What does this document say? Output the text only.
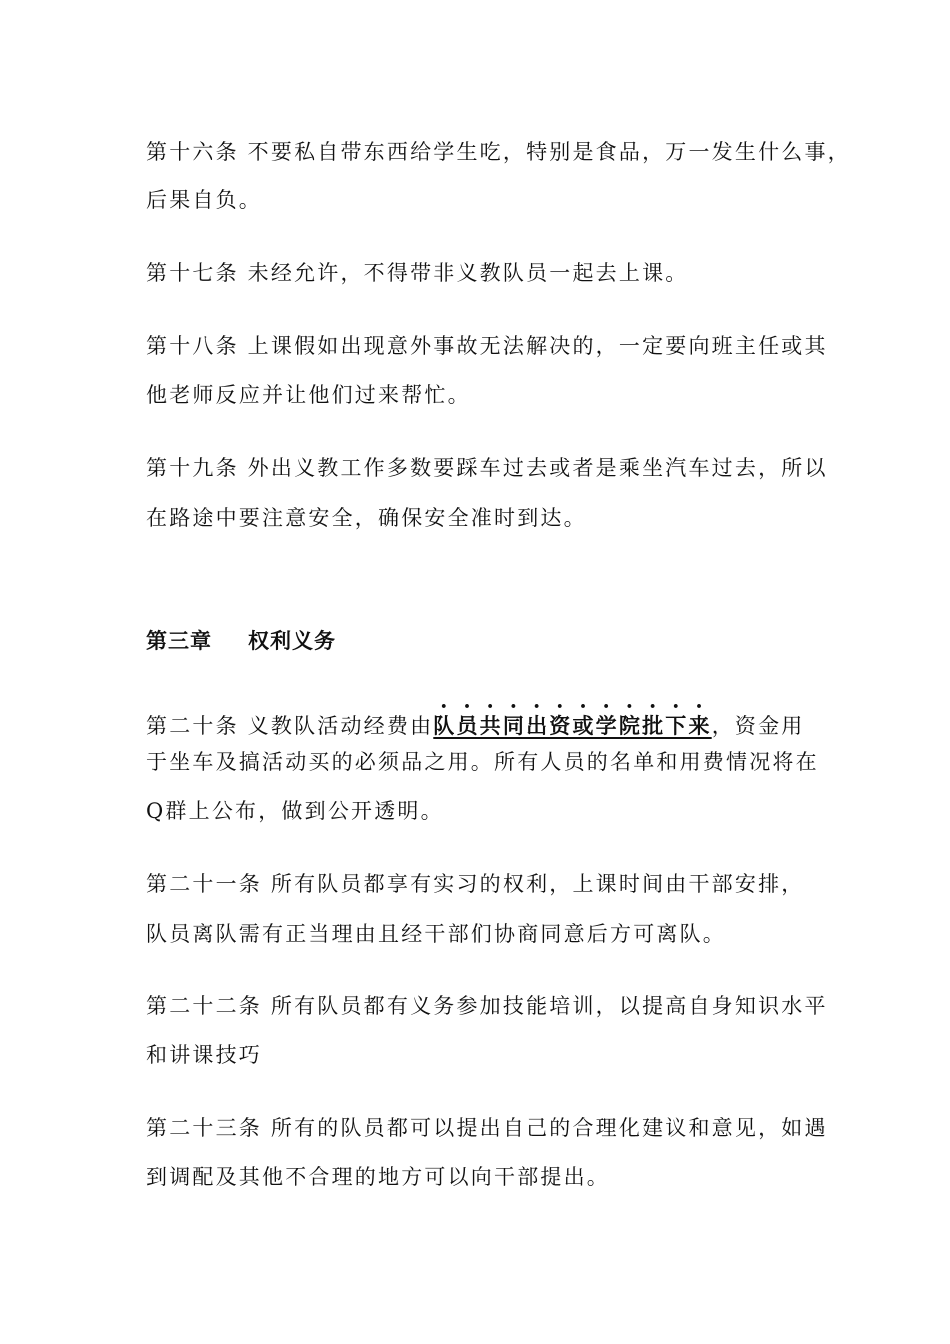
第十六条 不要私自带东西给学生吃，特别是食品，万一发生什么事，
后果自负。
第十七条 未经允许，不得带非义教队员一起去上课。
第十八条 上课假如出现意外事故无法解决的，一定要向班主任或其
他老师反应并让他们过来帮忙。
第十九条 外出义教工作多数要踩车过去或者是乘坐汽车过去，所以
在路途中要注意安全，确保安全准时到达。
第三章 权利义务
第二十条 义教队活动经费由队员共同出资或学院批下来，资金用
于坐车及搞活动买的必须品之用。所有人员的名单和用费情况将在
Q群上公布，做到公开透明。
第二十一条 所有队员都享有实习的权利，上课时间由干部安排，
队员离队需有正当理由且经干部们协商同意后方可离队。
第二十二条 所有队员都有义务参加技能培训，以提高自身知识水平
和讲课技巧
第二十三条 所有的队员都可以提出自己的合理化建议和意见，如遇
到调配及其他不合理的地方可以向干部提出。
